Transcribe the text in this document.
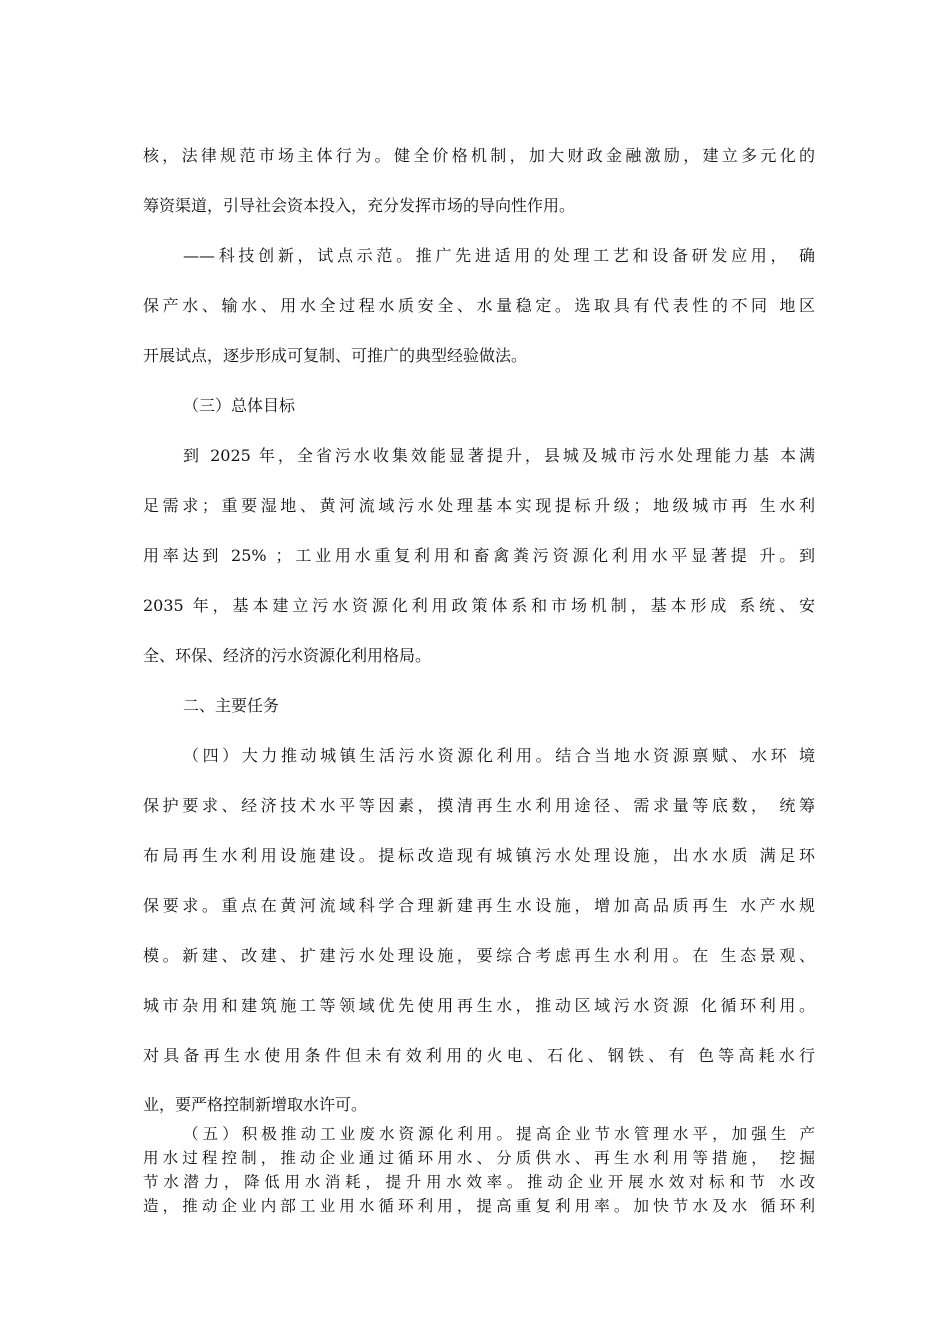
核，法律规范市场主体行为。健全价格机制，加大财政金融激励，建立多元化的
筹资渠道，引导社会资本投入，充分发挥市场的导向性作用。
——科技创新，试点示范。推广先进适用的处理工艺和设备研发应用， 确
保产水、输水、用水全过程水质安全、水量稳定。选取具有代表性的不同 地区
开展试点，逐步形成可复制、可推广的典型经验做法。
（三）总体目标
到 2025 年，全省污水收集效能显著提升，县城及城市污水处理能力基 本满
足需求；重要湿地、黄河流域污水处理基本实现提标升级；地级城市再 生水利
用率达到 25% ；工业用水重复利用和畜禽粪污资源化利用水平显著提 升。到
2035 年，基本建立污水资源化利用政策体系和市场机制，基本形成 系统、安
全、环保、经济的污水资源化利用格局。
二、主要任务
（四）大力推动城镇生活污水资源化利用。结合当地水资源禀赋、水环 境
保护要求、经济技术水平等因素，摸清再生水利用途径、需求量等底数， 统筹
布局再生水利用设施建设。提标改造现有城镇污水处理设施，出水水质 满足环
保要求。重点在黄河流域科学合理新建再生水设施，增加高品质再生 水产水规
模。新建、改建、扩建污水处理设施，要综合考虑再生水利用。在 生态景观、
城市杂用和建筑施工等领域优先使用再生水，推动区域污水资源 化循环利用。
对具备再生水使用条件但未有效利用的火电、石化、钢铁、有 色等高耗水行
业，要严格控制新增取水许可。
（五）积极推动工业废水资源化利用。提高企业节水管理水平，加强生 产
用水过程控制，推动企业通过循环用水、分质供水、再生水利用等措施， 挖掘
节水潜力，降低用水消耗，提升用水效率。推动企业开展水效对标和节 水改
造，推动企业内部工业用水循环利用，提高重复利用率。加快节水及水 循环利
